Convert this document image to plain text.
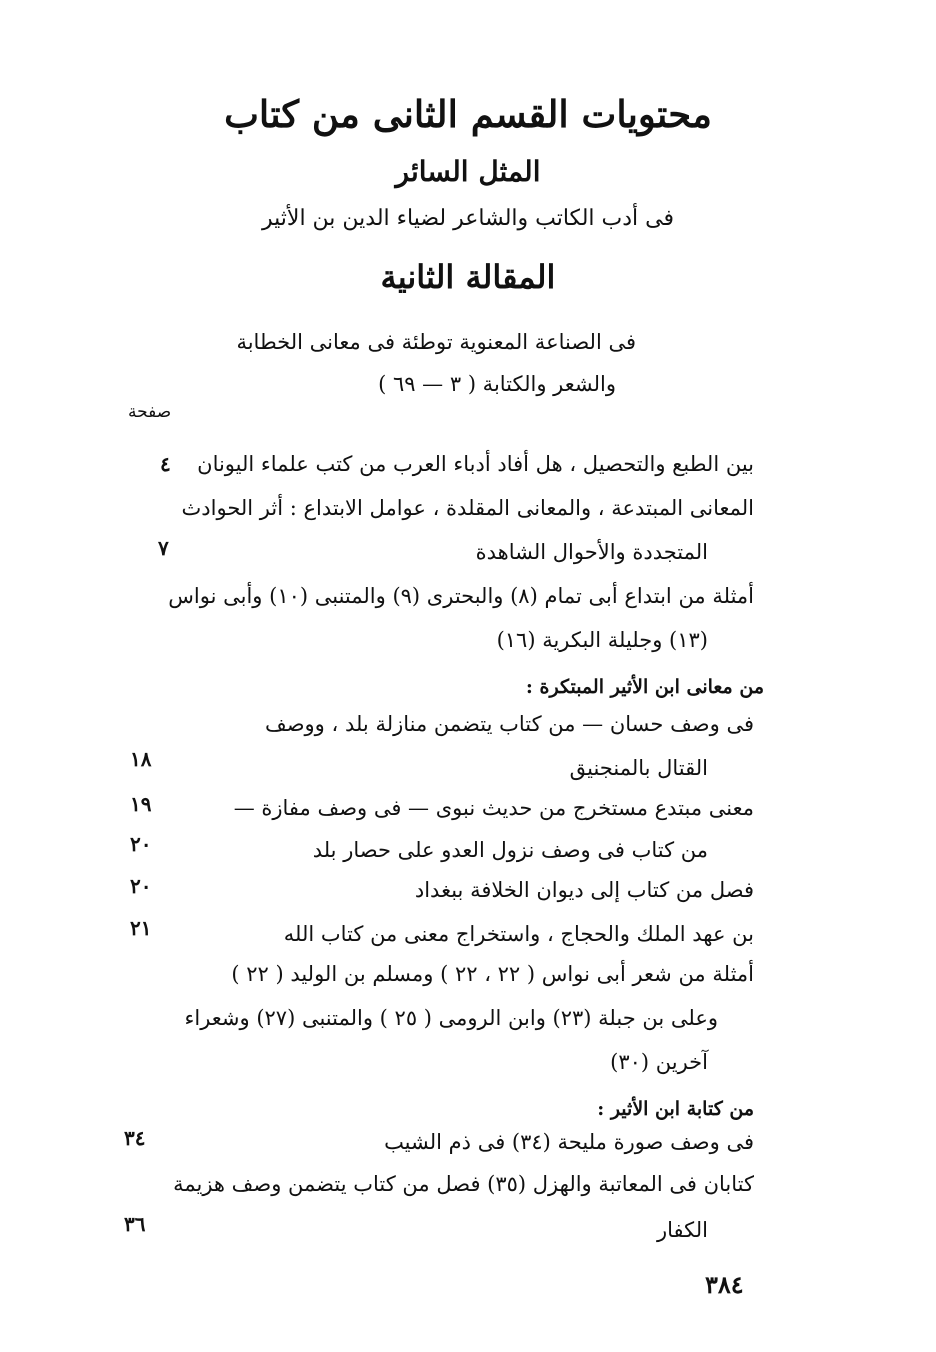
محتويات القسم الثانى من كتاب
المثل السائر
فى أدب الكاتب والشاعر لضياء الدين بن الأثير
المقالة الثانية
فى الصناعة المعنوية توطئة فى معانى الخطابة
والشعر والكتابة ( ٣ — ٦٩ )
صفحة
بين الطبع والتحصيل ، هل أفاد أدباء العرب من كتب علماء اليونان
٤
المعانى المبتدعة ، والمعانى المقلدة ، عوامل الابتداع : أثر الحوادث
المتجددة والأحوال الشاهدة
٧
أمثلة من ابتداع أبى تمام (٨) والبحترى (٩) والمتنبى (١٠) وأبى نواس
(١٣) وجليلة البكرية (١٦)
من معانى ابن الأثير المبتكرة :
فى وصف حسان — من كتاب يتضمن منازلة بلد ، ووصف
القتال بالمنجنيق
١٨
معنى مبتدع مستخرج من حديث نبوى — فى وصف مفازة —
١٩
من كتاب فى وصف نزول العدو على حصار بلد
٢٠
فصل من كتاب إلى ديوان الخلافة ببغداد
٢٠
بن عهد الملك والحجاج ، واستخراج معنى من كتاب الله
٢١
أمثلة من شعر أبى نواس ( ٢٢ ، ٢٢ ) ومسلم بن الوليد ( ٢٢ )
وعلى بن جبلة (٢٣) وابن الرومى ( ٢٥ ) والمتنبى (٢٧) وشعراء
آخرين (٣٠)
من كتابة ابن الأثير :
فى وصف صورة مليحة (٣٤) فى ذم الشيب
٣٤
كتابان فى المعاتبة والهزل (٣٥) فصل من كتاب يتضمن وصف هزيمة
الكفار
٣٦
٣٨٤
